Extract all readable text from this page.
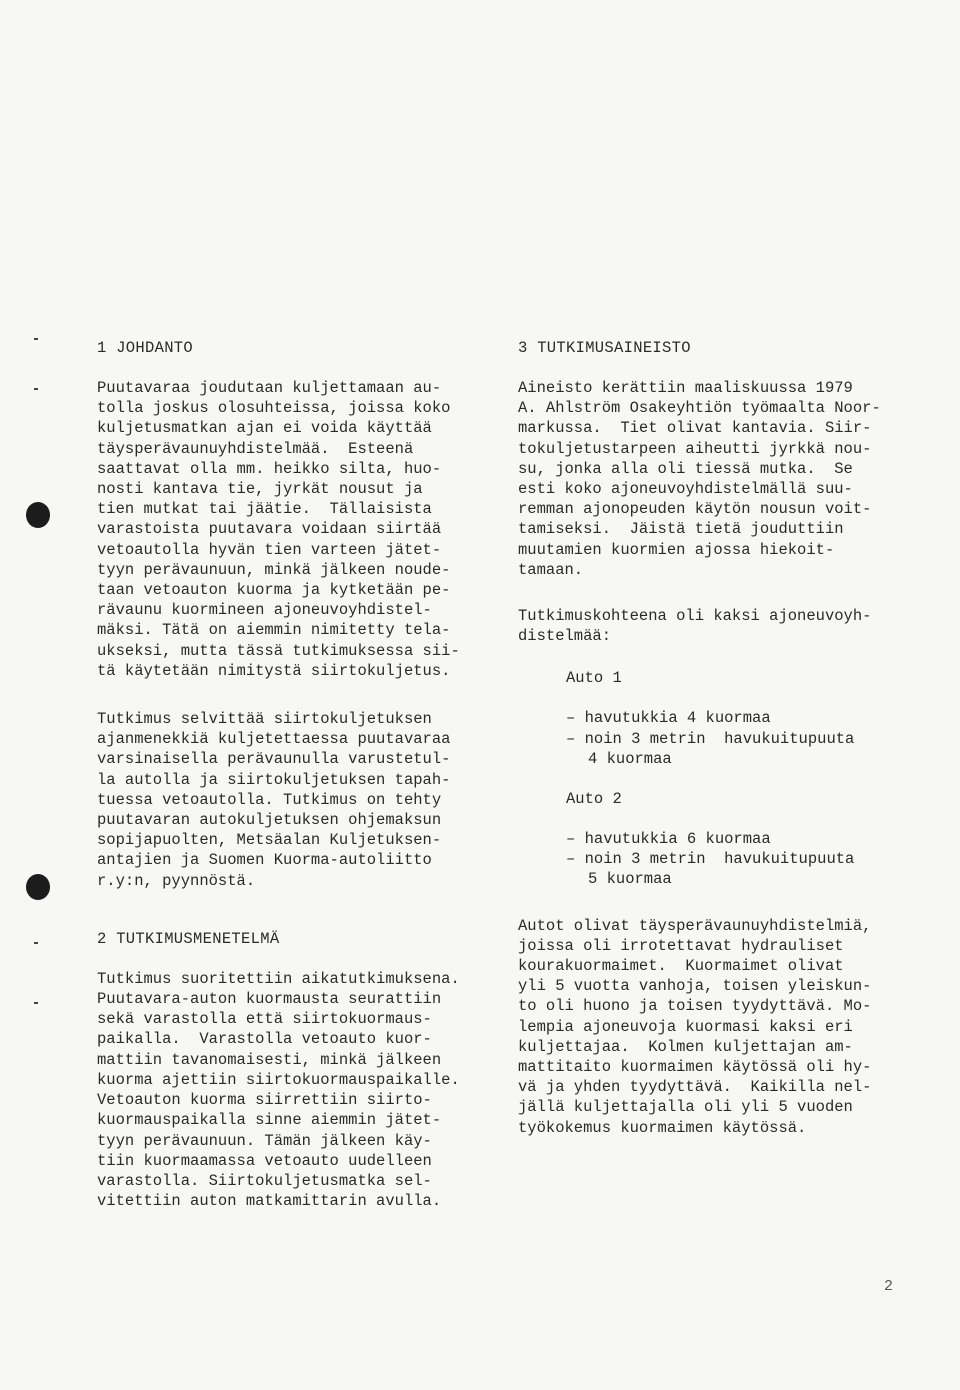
1 JOHDANTO
Puutavaraa joudutaan kuljettamaan au-
tolla joskus olosuhteissa, joissa koko
kuljetusmatkan ajan ei voida käyttää
täysperävaunuyhdistelmää.  Esteenä
saattavat olla mm. heikko silta, huo-
nosti kantava tie, jyrkät nousut ja
tien mutkat tai jäätie.  Tällaisista
varastoista puutavara voidaan siirtää
vetoautolla hyvän tien varteen jätet-
tyyn perävaunuun, minkä jälkeen noude-
taan vetoauton kuorma ja kytketään pe-
rävaunu kuormineen ajoneuvoyhdistel-
mäksi. Tätä on aiemmin nimitetty tela-
ukseksi, mutta tässä tutkimuksessa sii-
tä käytetään nimitystä siirtokuljetus.
Tutkimus selvittää siirtokuljetuksen
ajanmenekkiä kuljetettaessa puutavaraa
varsinaisella perävaunulla varustetul-
la autolla ja siirtokuljetuksen tapah-
tuessa vetoautolla. Tutkimus on tehty
puutavaran autokuljetuksen ohjemaksun
sopijapuolten, Metsäalan Kuljetuksen-
antajien ja Suomen Kuorma-autoliitto
r.y:n, pyynnöstä.
2 TUTKIMUSMENETELMÄ
Tutkimus suoritettiin aikatutkimuksena.
Puutavara-auton kuormausta seurattiin
sekä varastolla että siirtokuormaus-
paikalla.  Varastolla vetoauto kuor-
mattiin tavanomaisesti, minkä jälkeen
kuorma ajettiin siirtokuormauspaikalle.
Vetoauton kuorma siirrettiin siirto-
kuormauspaikalla sinne aiemmin jätet-
tyyn perävaunuun. Tämän jälkeen käy-
tiin kuormaamassa vetoauto uudelleen
varastolla. Siirtokuljetusmatka sel-
vitettiin auton matkamittarin avulla.
3 TUTKIMUSAINEISTO
Aineisto kerättiin maaliskuussa 1979
A. Ahlström Osakeyhtiön työmaalta Noor-
markussa.  Tiet olivat kantavia. Siir-
tokuljetustarpeen aiheutti jyrkkä nou-
su, jonka alla oli tiessä mutka.  Se
esti koko ajoneuvoyhdistelmällä suu-
remman ajonopeuden käytön nousun voit-
tamiseksi.  Jäistä tietä jouduttiin
muutamien kuormien ajossa hiekoit-
tamaan.
Tutkimuskohteena oli kaksi ajoneuvoyh-
distelmää:
Auto 1
– havutukkia 4 kuormaa
– noin 3 metrin  havukuitupuuta
4 kuormaa
Auto 2
– havutukkia 6 kuormaa
– noin 3 metrin  havukuitupuuta
5 kuormaa
Autot olivat täysperävaunuyhdistelmiä,
joissa oli irrotettavat hydrauliset
kourakuormaimet.  Kuormaimet olivat
yli 5 vuotta vanhoja, toisen yleiskun-
to oli huono ja toisen tyydyttävä. Mo-
lempia ajoneuvoja kuormasi kaksi eri
kuljettajaa.  Kolmen kuljettajan am-
mattitaito kuormaimen käytössä oli hy-
vä ja yhden tyydyttävä.  Kaikilla nel-
jällä kuljettajalla oli yli 5 vuoden
työkokemus kuormaimen käytössä.
2
